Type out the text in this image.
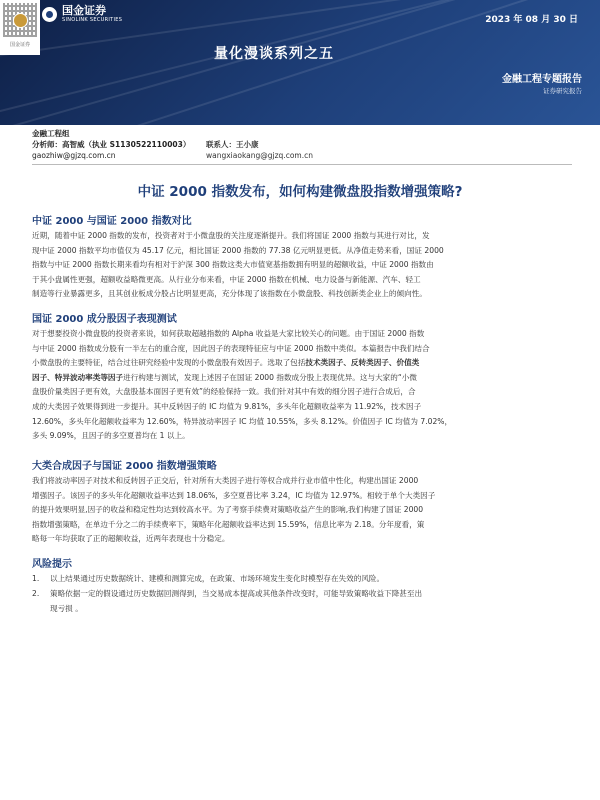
国金证券
国金证券
SINOLINK SECURITIES	2023 年 08 月 30 日
量化漫谈系列之五
金融工程专题报告
证券研究报告
金融工程组
分析师：高智威（执业 S1130522110003）
gaozhiw@gjzq.com.cn
联系人：王小康
wangxiaokang@gjzq.com.cn
中证 2000 指数发布，如何构建微盘股指数增强策略?
中证 2000 与国证 2000 指数对比
近期，随着中证 2000 指数的发布，投资者对于小微盘股的关注度逐渐提升。我们将国证 2000 指数与其进行对比，发
现中证 2000 指数平均市值仅为 45.17 亿元，相比国证 2000 指数的 77.38 亿元明显更低。从净值走势来看，国证 2000
指数与中证 2000 指数长期来看均有相对于沪深 300 指数这类大市值宽基指数拥有明显的超额收益，中证 2000 指数由
于其小盘属性更强，超额收益略微更高。从行业分布来看，中证 2000 指数在机械、电力设备与新能源、汽车、轻工
制造等行业暴露更多，且其创业板成分股占比明显更高，充分体现了该指数在小微盘股、科技创新类企业上的倾向性。
国证 2000 成分股因子表现测试
对于想要投资小微盘股的投资者来说，如何获取超越指数的 Alpha 收益是大家比较关心的问题。由于国证 2000 指数
与中证 2000 指数成分股有一半左右的重合度，因此因子的表现特征应与中证 2000 指数中类似。本篇报告中我们结合
小微盘股的主要特征，结合过往研究经验中发现的小微盘股有效因子。选取了包括技术类因子、反转类因子、价值类
因子、特异波动率类等因子进行构建与测试，发现上述因子在国证 2000 指数成分股上表现优异。这与大家的“小微
盘股价量类因子更有效，大盘股基本面因子更有效”的经验保持一致。我们针对其中有效的细分因子进行合成后，合
成的大类因子效果得到进一步提升。其中反转因子的 IC 均值为 9.81%，多头年化超额收益率为 11.92%，技术因子
12.60%，多头年化超额收益率为 12.60%，特异波动率因子 IC 均值 10.55%，多头 8.12%。价值因子 IC 均值为 7.02%，
多头 9.09%，且因子的多空夏普均在 1 以上。
大类合成因子与国证 2000 指数增强策略
我们将波动率因子对技术和反转因子正交后，针对所有大类因子进行等权合成并行业市值中性化，构建出国证 2000
增强因子。该因子的多头年化超额收益率达到 18.06%，多空夏普比率 3.24，IC 均值为 12.97%。相较于单个大类因子
的提升效果明显,因子的收益和稳定性均达到较高水平。为了考察手续费对策略收益产生的影响,我们构建了国证 2000
指数增强策略，在单边千分之二的手续费率下，策略年化超额收益率达到 15.59%，信息比率为 2.18。分年度看，策
略每一年均获取了正的超额收益，近两年表现也十分稳定。
风险提示
1.	以上结果通过历史数据统计、建模和测算完成，在政策、市场环境发生变化时模型存在失效的风险。
2.	策略依据一定的假设通过历史数据回测得到，当交易成本提高或其他条件改变时，可能导致策略收益下降甚至出
现亏损 。
